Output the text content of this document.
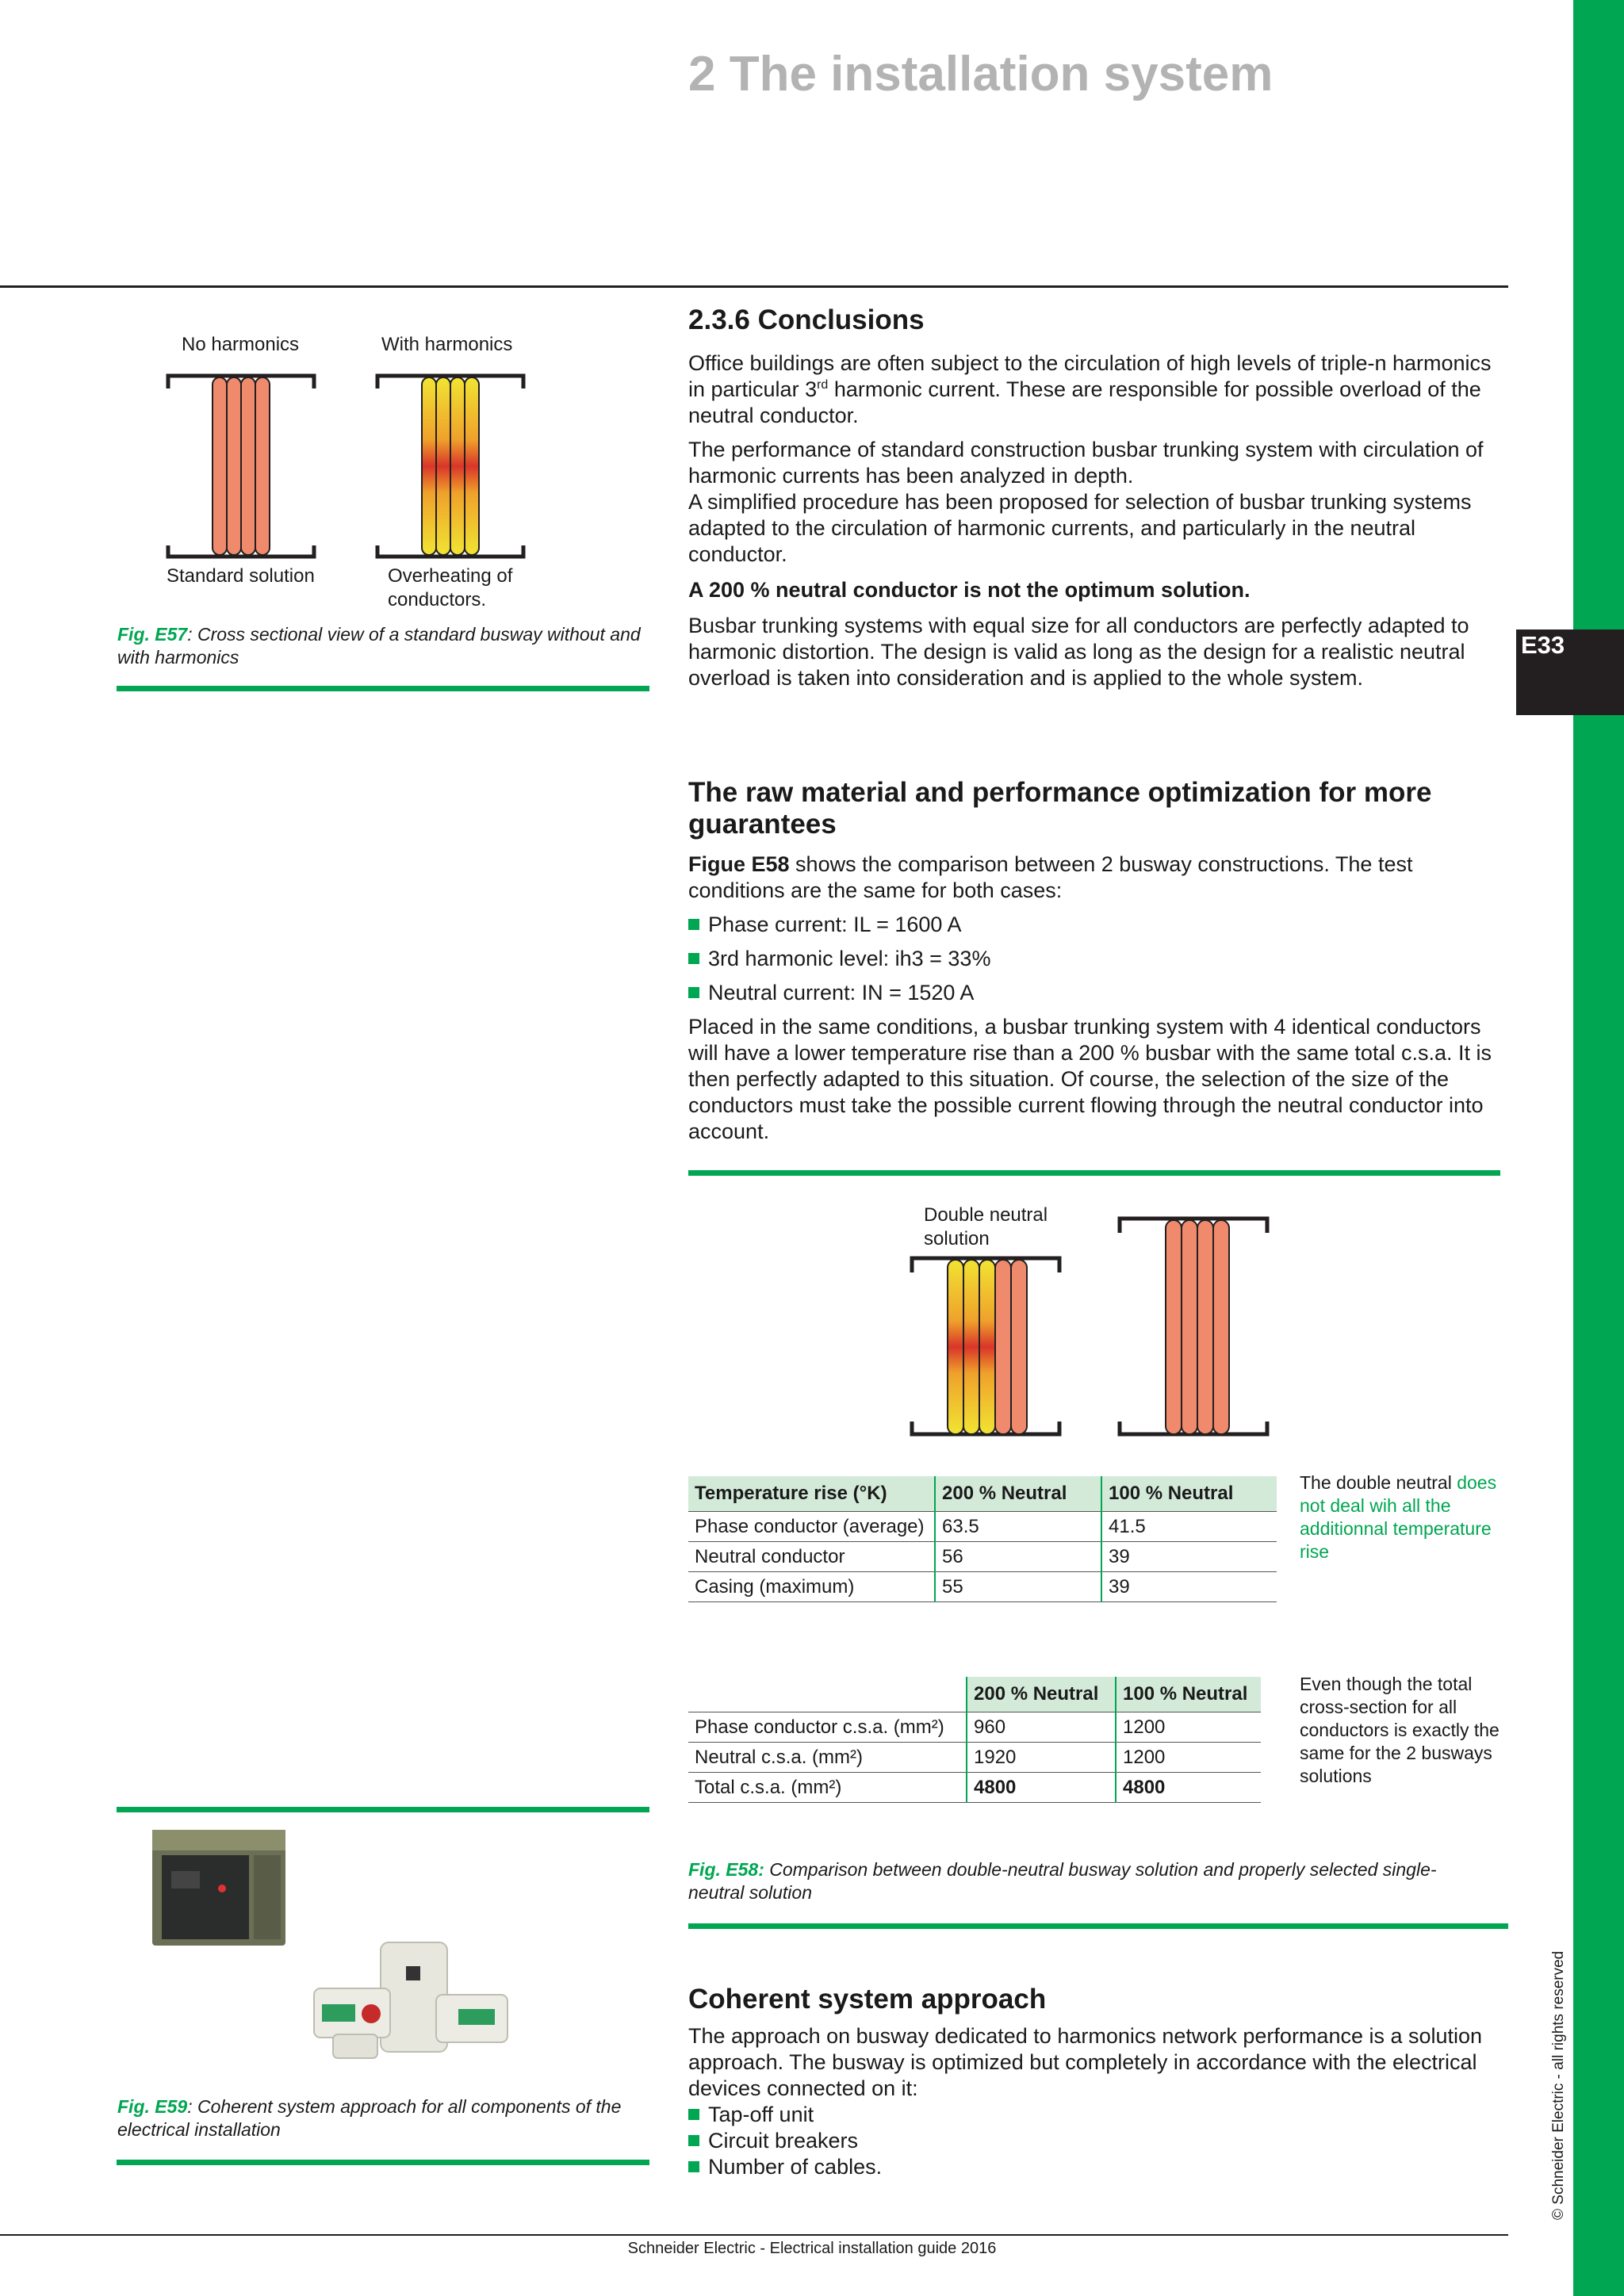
E33
2 The installation system
No harmonics	With harmonics
Standard solution	Overheating of
conductors.
Fig. E57: Cross sectional view of a standard busway without and with harmonics
2.3.6 Conclusions

Office buildings are often subject to the circulation of high levels of triple-n harmonics in particular 3rd harmonic current. These are responsible for possible overload of the neutral conductor.

The performance of standard construction busbar trunking system with circulation of harmonic currents has been analyzed in depth.

A simplified procedure has been proposed for selection of busbar trunking systems adapted to the circulation of harmonic currents, and particularly in the neutral conductor.

A 200 % neutral conductor is not the optimum solution.

Busbar trunking systems with equal size for all conductors are perfectly adapted to harmonic distortion. The design is valid as long as the design for a realistic neutral overload is taken into consideration and is applied to the whole system.

The raw material and performance optimization for more guarantees

Figue E58 shows the comparison between 2 busway constructions. The test conditions are the same for both cases:

Phase current: IL = 1600 A
3rd harmonic level: ih3 = 33%
Neutral current: IN = 1520 A

Placed in the same conditions, a busbar trunking system with 4 identical conductors will have a lower temperature rise than a 200 % busbar with the same total c.s.a. It is then perfectly adapted to this situation. Of course, the selection of the size of the conductors must take the possible current flowing through the neutral conductor into account.

Double neutral
solution
Temperature rise (°K)	200 % Neutral	100 % Neutral
Phase conductor (average)	63.5	41.5
Neutral conductor	56	39
Casing (maximum)	55	39
The double neutral does not deal wih all the additionnal temperature rise
	200 % Neutral	100 % Neutral
Phase conductor c.s.a. (mm²)	960	1200
Neutral c.s.a. (mm²)	1920	1200
Total c.s.a. (mm²)	4800	4800
Even though the total cross-section for all conductors is exactly the same for the 2 busways solutions
Fig. E58: Comparison between double-neutral busway solution and properly selected single-neutral solution
Fig. E59: Coherent system approach for all components of the electrical installation
Coherent system approach

The approach on busway dedicated to harmonics network performance is a solution approach. The busway is optimized but completely in accordance with the electrical devices connected on it:

Tap-off unit
Circuit breakers
Number of cables.
Schneider Electric - Electrical installation guide 2016
© Schneider Electric - all rights reserved
